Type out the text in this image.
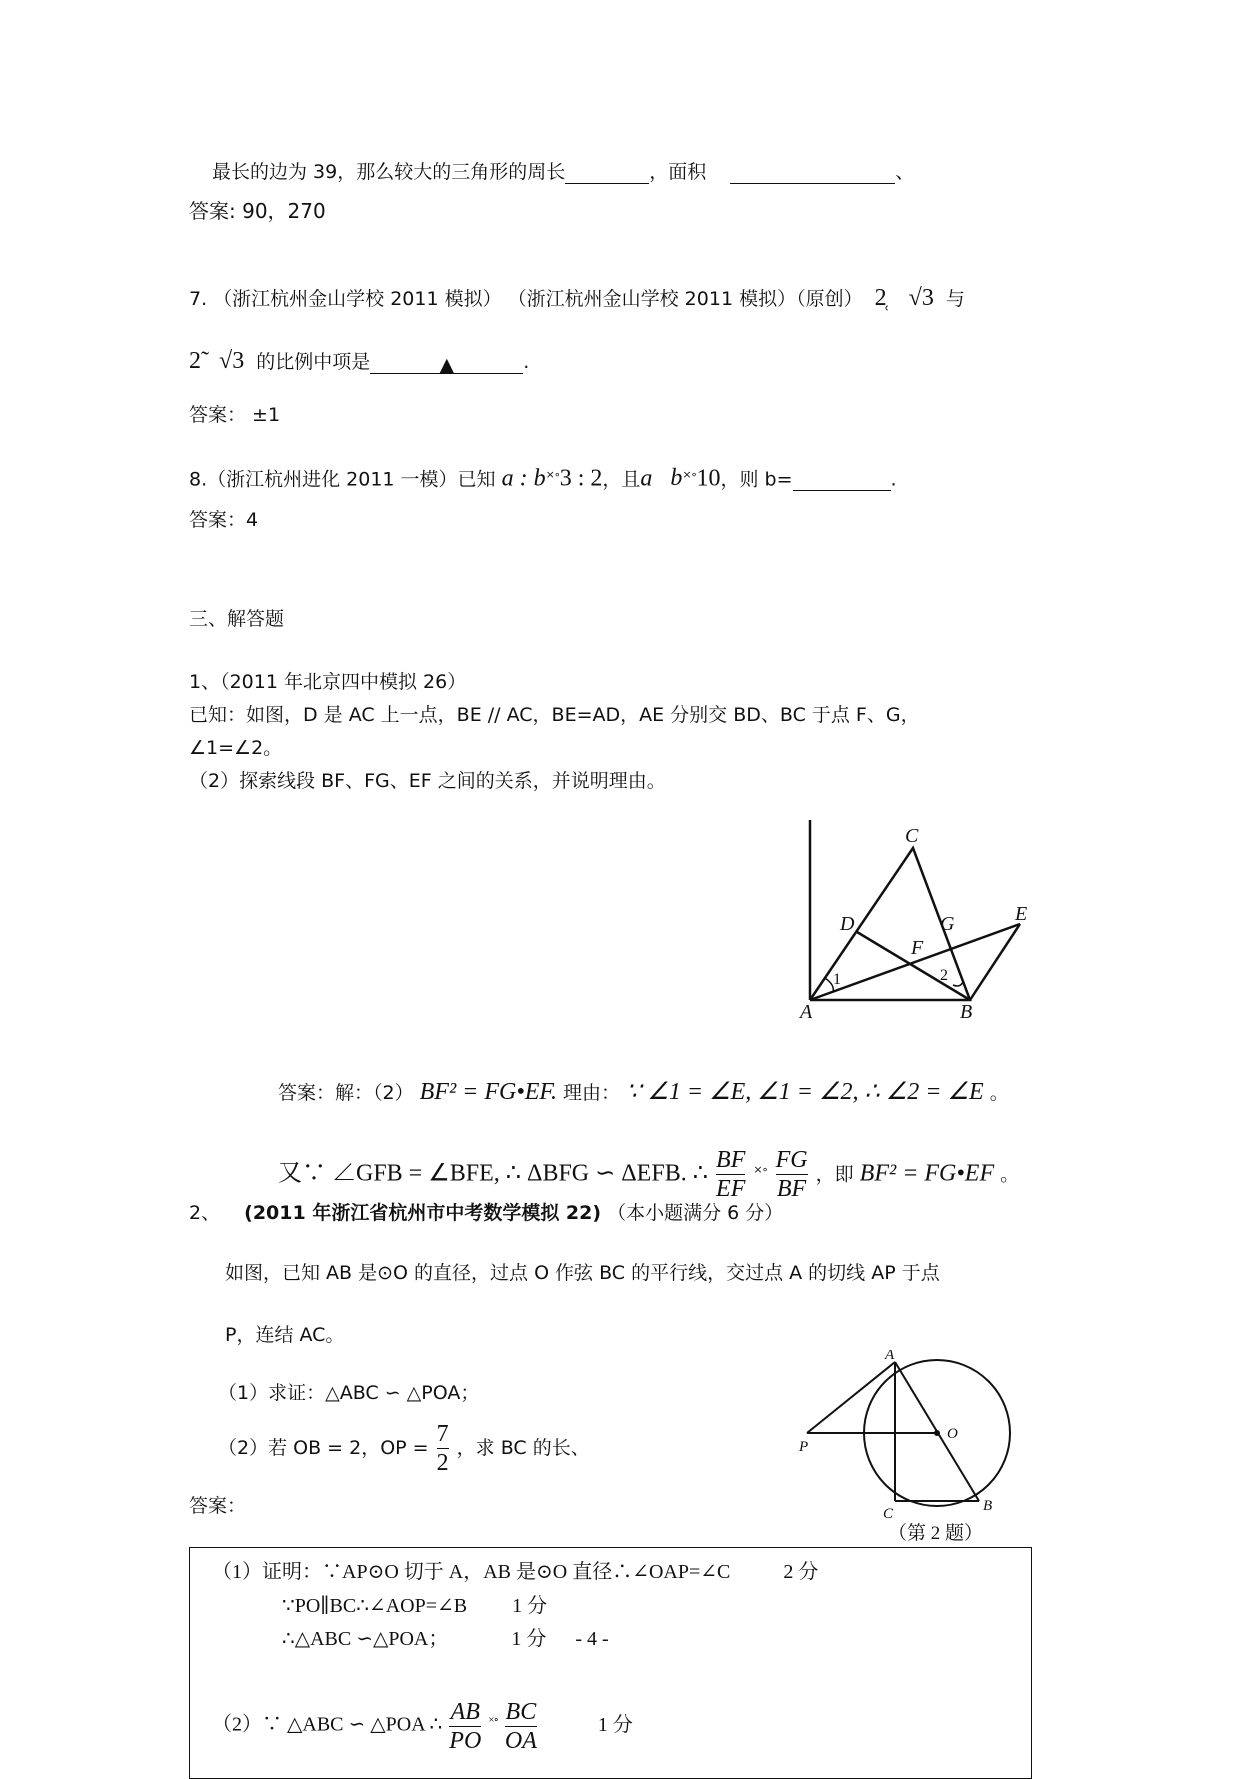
最长的边为 39，那么较大的三角形的周长	，面积	、
答案: 90，270
7. （浙江杭州金山学校 2011 模拟） （浙江杭州金山学校 2011 模拟）（原创） 2̜ √3 与
2̃ √3 的比例中项是	▲	.
答案： ±1
8.（浙江杭州进化 2011 一模）已知 a : b×∘3 : 2，且a b×∘10，则 b=	.
答案：4
三、解答题
1、（2011 年北京四中模拟 26）
已知：如图，D 是 AC 上一点，BE // AC，BE=AD，AE 分别交 BD、BC 于点 F、G，
∠1=∠2。
（2）探索线段 BF、FG、EF 之间的关系，并说明理由。
C
D	G	E
F
A	B
1	2
答案：解：（2） BF² = FG•EF. 理由： ∵ ∠1 = ∠E, ∠1 = ∠2, ∴ ∠2 = ∠E 。
又∵ ∠GFB = ∠BFE, ∴ ΔBFG ∽ ΔEFB. ∴ $\frac{BF}{EF} ^{\times\circ} \frac{FG}{BF}$ ，即 BF² = FG•EF 。
2、 (2011 年浙江省杭州市中考数学模拟 22) （本小题满分 6 分）
如图，已知 AB 是⊙O 的直径，过点 O 作弦 BC 的平行线，交过点 A 的切线 AP 于点
P，连结 AC。
（1）求证：△ABC ∽ △POA；
（2）若 OB = 2，OP = $\frac{7}{2}$ ，求 BC 的长、
答案：
A
O
P
C	B
（第 2 题）
（1）证明：∵AP⊙O 切于 A，AB 是⊙O 直径∴∠OAP=∠C	2 分
∵PO∥BC∴∠AOP=∠B 1 分
∴△ABC ∽△POA；	1 分 - 4 -
（2）∵ △ABC ∽ △POA ∴ $\frac{AB}{PO} ^{\times\circ} \frac{BC}{OA}$	1 分
